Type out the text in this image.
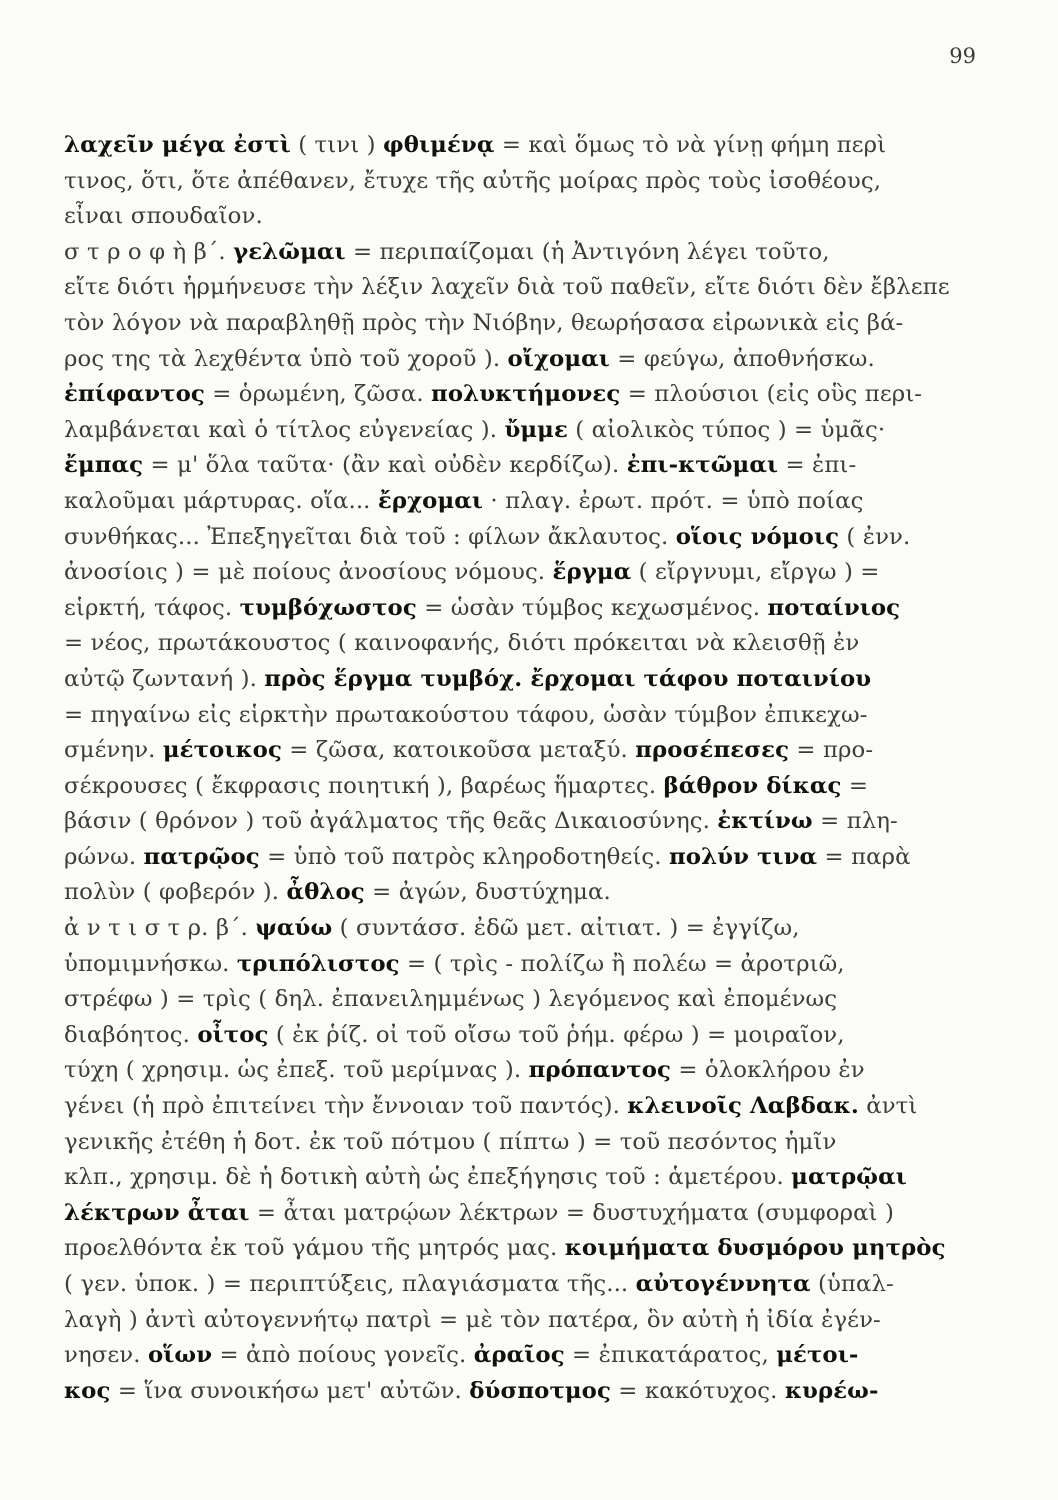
99
λαχεῖν μέγα ἐστὶ ( τινι ) φθιμένᾳ = καὶ ὅμως τὸ νὰ γίνῃ φήμη περὶ
τινος, ὅτι, ὅτε ἀπέθανεν, ἔτυχε τῆς αὐτῆς μοίρας πρὸς τοὺς ἰσοθέους,
εἶναι σπουδαῖον.
σ τ ρ ο φ ὴ β΄. γελῶμαι = περιπαίζομαι (ἡ Ἀντιγόνη λέγει τοῦτο,
εἴτε διότι ἡρμήνευσε τὴν λέξιν λαχεῖν διὰ τοῦ παθεῖν, εἴτε διότι δὲν ἔβλεπε
τὸν λόγον νὰ παραβληθῇ πρὸς τὴν Νιόβην, θεωρήσασα εἰρωνικὰ εἰς βά-
ρος της τὰ λεχθέντα ὑπὸ τοῦ χοροῦ ). οἴχομαι = φεύγω, ἀποθνήσκω.
ἐπίφαντος = ὁρωμένη, ζῶσα. πολυκτήμονες = πλούσιοι (εἰς οὓς περι-
λαμβάνεται καὶ ὁ τίτλος εὐγενείας ). ὔμμε ( αἰολικὸς τύπος ) = ὑμᾶς·
ἔμπας = μ' ὅλα ταῦτα· (ἂν καὶ οὐδὲν κερδίζω). ἐπι-κτῶμαι = ἐπι-
καλοῦμαι μάρτυρας. οἵα... ἔρχομαι · πλαγ. ἐρωτ. πρότ. = ὑπὸ ποίας
συνθήκας... Ἐπεξηγεῖται διὰ τοῦ : φίλων ἄκλαυτος. οἵοις νόμοις ( ἐνν.
ἀνοσίοις ) = μὲ ποίους ἀνοσίους νόμους. ἕργμα ( εἴργνυμι, εἴργω ) =
εἱρκτή, τάφος. τυμβόχωστος = ὡσὰν τύμβος κεχωσμένος. ποταίνιος
= νέος, πρωτάκουστος ( καινοφανής, διότι πρόκειται νὰ κλεισθῇ ἐν
αὐτῷ ζωντανή ). πρὸς ἕργμα τυμβόχ. ἔρχομαι τάφου ποταινίου
= πηγαίνω εἰς εἱρκτὴν πρωτακούστου τάφου, ὡσὰν τύμβον ἐπικεχω-
σμένην. μέτοικος = ζῶσα, κατοικοῦσα μεταξύ. προσέπεσες = προ-
σέκρουσες ( ἔκφρασις ποιητική ), βαρέως ἥμαρτες. βάθρον δίκας =
βάσιν ( θρόνον ) τοῦ ἀγάλματος τῆς θεᾶς Δικαιοσύνης. ἐκτίνω = πλη-
ρώνω. πατρῷος = ὑπὸ τοῦ πατρὸς κληροδοτηθείς. πολύν τινα = παρὰ
πολὺν ( φοβερόν ). ἆθλος = ἀγών, δυστύχημα.
ἀ ν τ ι σ τ ρ. β΄. ψαύω ( συντάσσ. ἐδῶ μετ. αἰτιατ. ) = ἐγγίζω,
ὑπομιμνήσκω. τριπόλιστος = ( τρὶς - πολίζω ἢ πολέω = ἀροτριῶ,
στρέφω ) = τρὶς ( δηλ. ἐπανειλημμένως ) λεγόμενος καὶ ἐπομένως
διαβόητος. οἶτος ( ἐκ ῥίζ. οἰ τοῦ οἴσω τοῦ ῥήμ. φέρω ) = μοιραῖον,
τύχη ( χρησιμ. ὡς ἐπεξ. τοῦ μερίμνας ). πρόπαντος = ὁλοκλήρου ἐν
γένει (ἡ πρὸ ἐπιτείνει τὴν ἔννοιαν τοῦ παντός). κλεινοῖς Λαβδακ. ἀντὶ
γενικῆς ἐτέθη ἡ δοτ. ἐκ τοῦ πότμου ( πίπτω ) = τοῦ πεσόντος ἡμῖν
κλπ., χρησιμ. δὲ ἡ δοτικὴ αὐτὴ ὡς ἐπεξήγησις τοῦ : ἁμετέρου. ματρῷαι
λέκτρων ἆται = ἆται ματρῴων λέκτρων = δυστυχήματα (συμφοραὶ )
προελθόντα ἐκ τοῦ γάμου τῆς μητρός μας. κοιμήματα δυσμόρου μητρὸς
( γεν. ὑποκ. ) = περιπτύξεις, πλαγιάσματα τῆς... αὐτογέννητα (ὑπαλ-
λαγὴ ) ἀντὶ αὐτογεννήτῳ πατρὶ = μὲ τὸν πατέρα, ὃν αὐτὴ ἡ ἰδία ἐγέν-
νησεν. οἵων = ἀπὸ ποίους γονεῖς. ἀραῖος = ἐπικατάρατος, μέτοι-
κος = ἵνα συνοικήσω μετ' αὐτῶν. δύσποτμος = κακότυχος. κυρέω-
